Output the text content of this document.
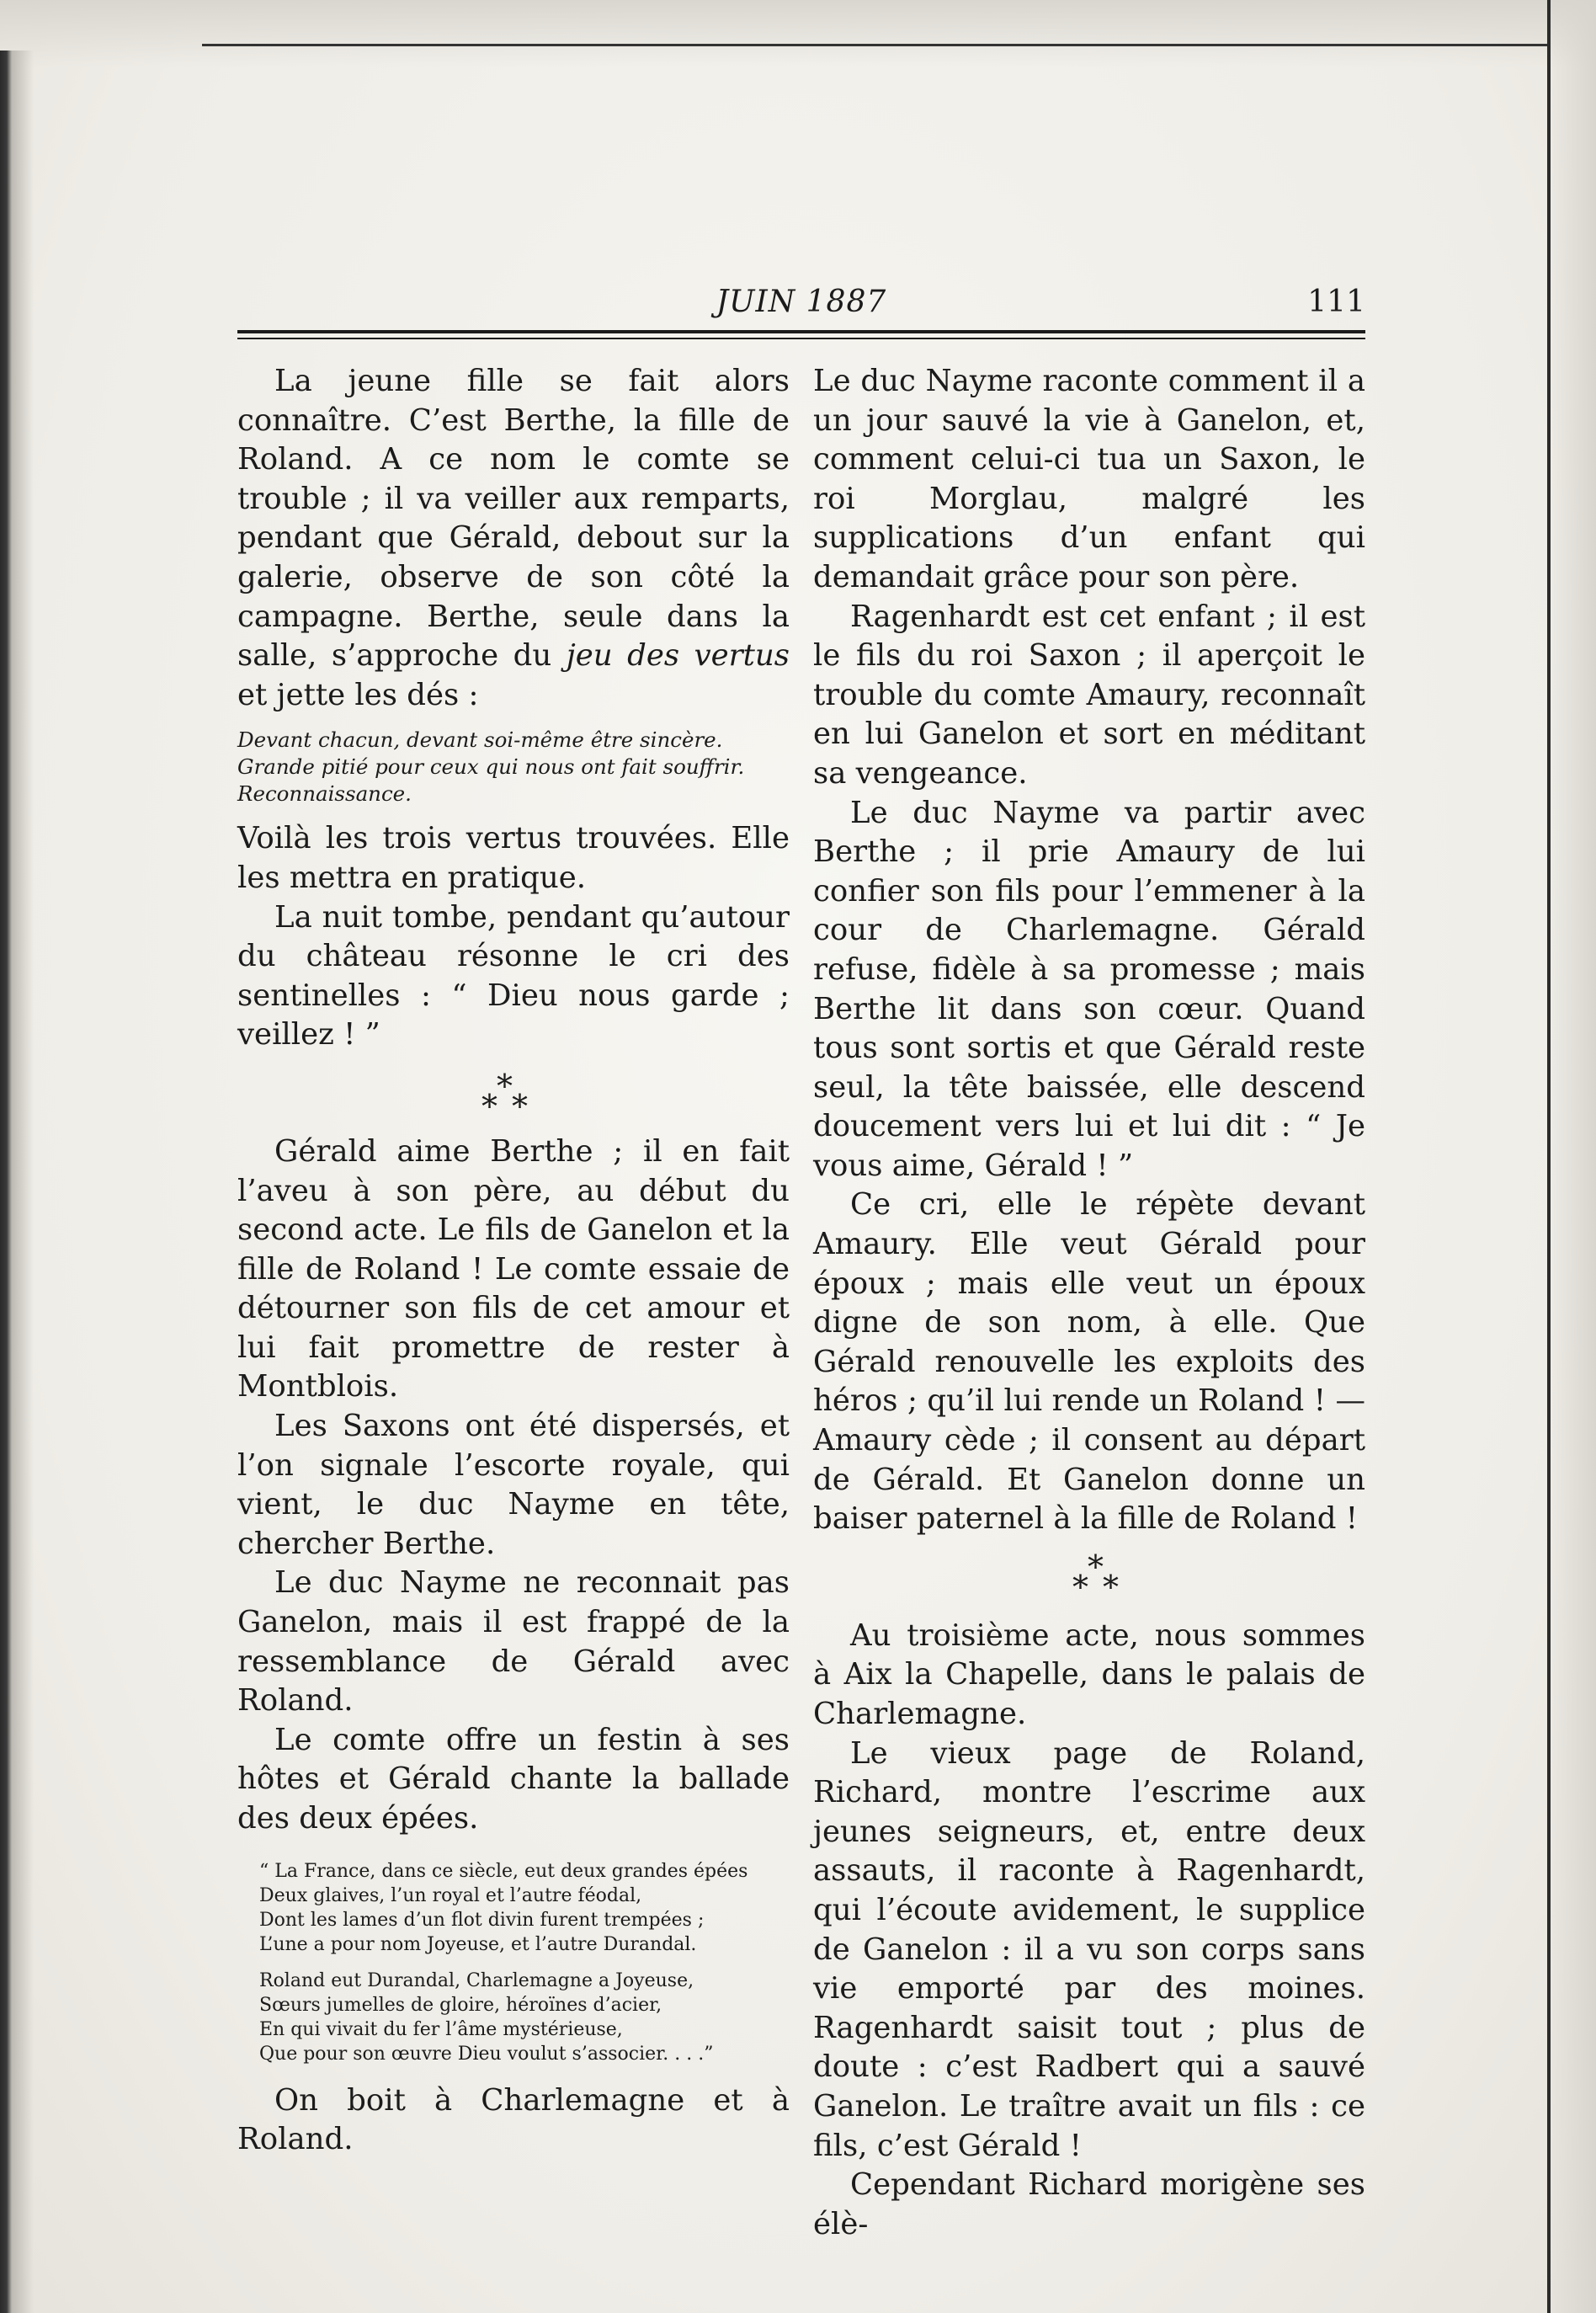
JUIN 1887	111

La jeune fille se fait alors connaître. C’est Berthe, la fille de Roland. A ce nom le comte se trouble ; il va veiller aux remparts, pendant que Gérald, debout sur la galerie, observe de son côté la campagne. Berthe, seule dans la salle, s’approche du jeu des vertus et jette les dés :

Devant chacun, devant soi-même être sincère.
Grande pitié pour ceux qui nous ont fait souffrir.
Reconnaissance.

Voilà les trois vertus trouvées. Elle les mettra en pratique.

La nuit tombe, pendant qu’autour du château résonne le cri des sentinelles : “ Dieu nous garde ; veillez ! ”

*
* *

Gérald aime Berthe ; il en fait l’aveu à son père, au début du second acte. Le fils de Ganelon et la fille de Roland ! Le comte essaie de détourner son fils de cet amour et lui fait promettre de rester à Montblois.

Les Saxons ont été dispersés, et l’on signale l’escorte royale, qui vient, le duc Nayme en tête, chercher Berthe.

Le duc Nayme ne reconnait pas Ganelon, mais il est frappé de la ressemblance de Gérald avec Roland.

Le comte offre un festin à ses hôtes et Gérald chante la ballade des deux épées.

“ La France, dans ce siècle, eut deux grandes épées
Deux glaives, l’un royal et l’autre féodal,
Dont les lames d’un flot divin furent trempées ;
L’une a pour nom Joyeuse, et l’autre Durandal.
Roland eut Durandal, Charlemagne a Joyeuse,
Sœurs jumelles de gloire, héroïnes d’acier,
En qui vivait du fer l’âme mystérieuse,
Que pour son œuvre Dieu voulut s’associer. . . .”

On boit à Charlemagne et à Roland.

Le duc Nayme raconte comment il a un jour sauvé la vie à Ganelon, et, comment celui-ci tua un Saxon, le roi Morglau, malgré les supplications d’un enfant qui demandait grâce pour son père.

Ragenhardt est cet enfant ; il est le fils du roi Saxon ; il aperçoit le trouble du comte Amaury, reconnaît en lui Ganelon et sort en méditant sa vengeance.

Le duc Nayme va partir avec Berthe ; il prie Amaury de lui confier son fils pour l’emmener à la cour de Charlemagne. Gérald refuse, fidèle à sa promesse ; mais Berthe lit dans son cœur. Quand tous sont sortis et que Gérald reste seul, la tête baissée, elle descend doucement vers lui et lui dit : “ Je vous aime, Gérald ! ”

Ce cri, elle le répète devant Amaury. Elle veut Gérald pour époux ; mais elle veut un époux digne de son nom, à elle. Que Gérald renouvelle les exploits des héros ; qu’il lui rende un Roland ! — Amaury cède ; il consent au départ de Gérald. Et Ganelon donne un baiser paternel à la fille de Roland !

*
* *

Au troisième acte, nous sommes à Aix la Chapelle, dans le palais de Charlemagne.

Le vieux page de Roland, Richard, montre l’escrime aux jeunes seigneurs, et, entre deux assauts, il raconte à Ragenhardt, qui l’écoute avidement, le supplice de Ganelon : il a vu son corps sans vie emporté par des moines. Ragenhardt saisit tout ; plus de doute : c’est Radbert qui a sauvé Ganelon. Le traître avait un fils : ce fils, c’est Gérald !

Cependant Richard morigène ses élè-
